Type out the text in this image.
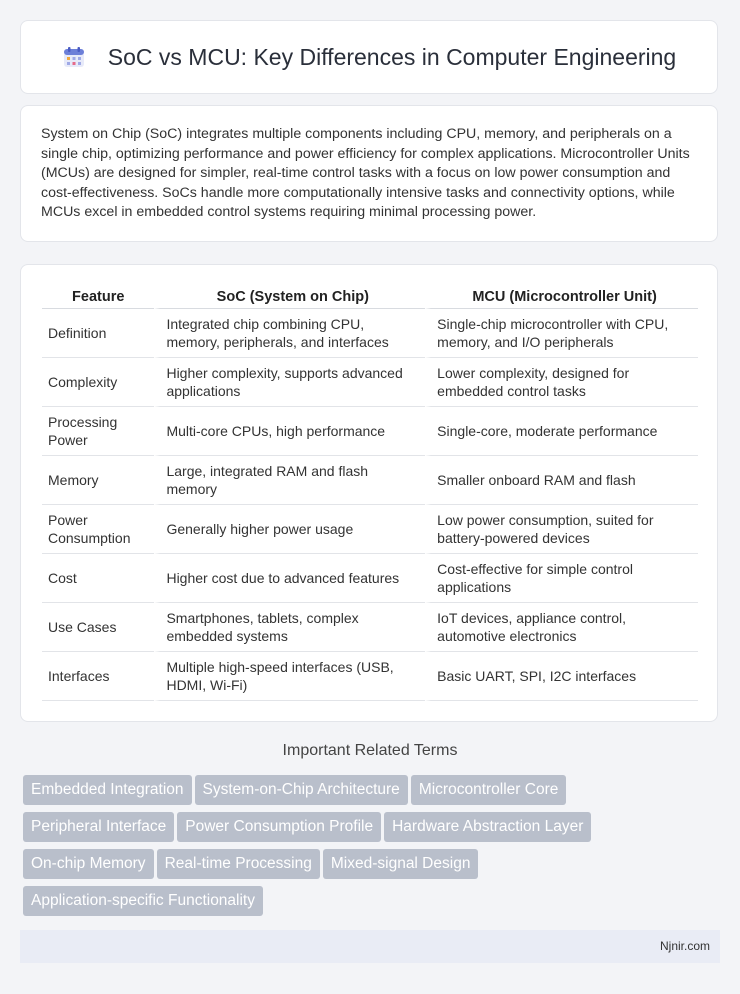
SoC vs MCU: Key Differences in Computer Engineering

System on Chip (SoC) integrates multiple components including CPU, memory, and peripherals on a single chip, optimizing performance and power efficiency for complex applications. Microcontroller Units (MCUs) are designed for simpler, real-time control tasks with a focus on low power consumption and cost-effectiveness. SoCs handle more computationally intensive tasks and connectivity options, while MCUs excel in embedded control systems requiring minimal processing power.

Feature	SoC (System on Chip)	MCU (Microcontroller Unit)
Definition	Integrated chip combining CPU, memory, peripherals, and interfaces	Single-chip microcontroller with CPU, memory, and I/O peripherals
Complexity	Higher complexity, supports advanced applications	Lower complexity, designed for embedded control tasks
Processing Power	Multi-core CPUs, high performance	Single-core, moderate performance
Memory	Large, integrated RAM and flash memory	Smaller onboard RAM and flash
Power Consumption	Generally higher power usage	Low power consumption, suited for battery-powered devices
Cost	Higher cost due to advanced features	Cost-effective for simple control applications
Use Cases	Smartphones, tablets, complex embedded systems	IoT devices, appliance control, automotive electronics
Interfaces	Multiple high-speed interfaces (USB, HDMI, Wi-Fi)	Basic UART, SPI, I2C interfaces
Important Related Terms
Embedded Integration System-on-Chip Architecture Microcontroller Core
Peripheral Interface Power Consumption Profile Hardware Abstraction Layer
On-chip Memory Real-time Processing Mixed-signal Design
Application-specific Functionality
Njnir.com
